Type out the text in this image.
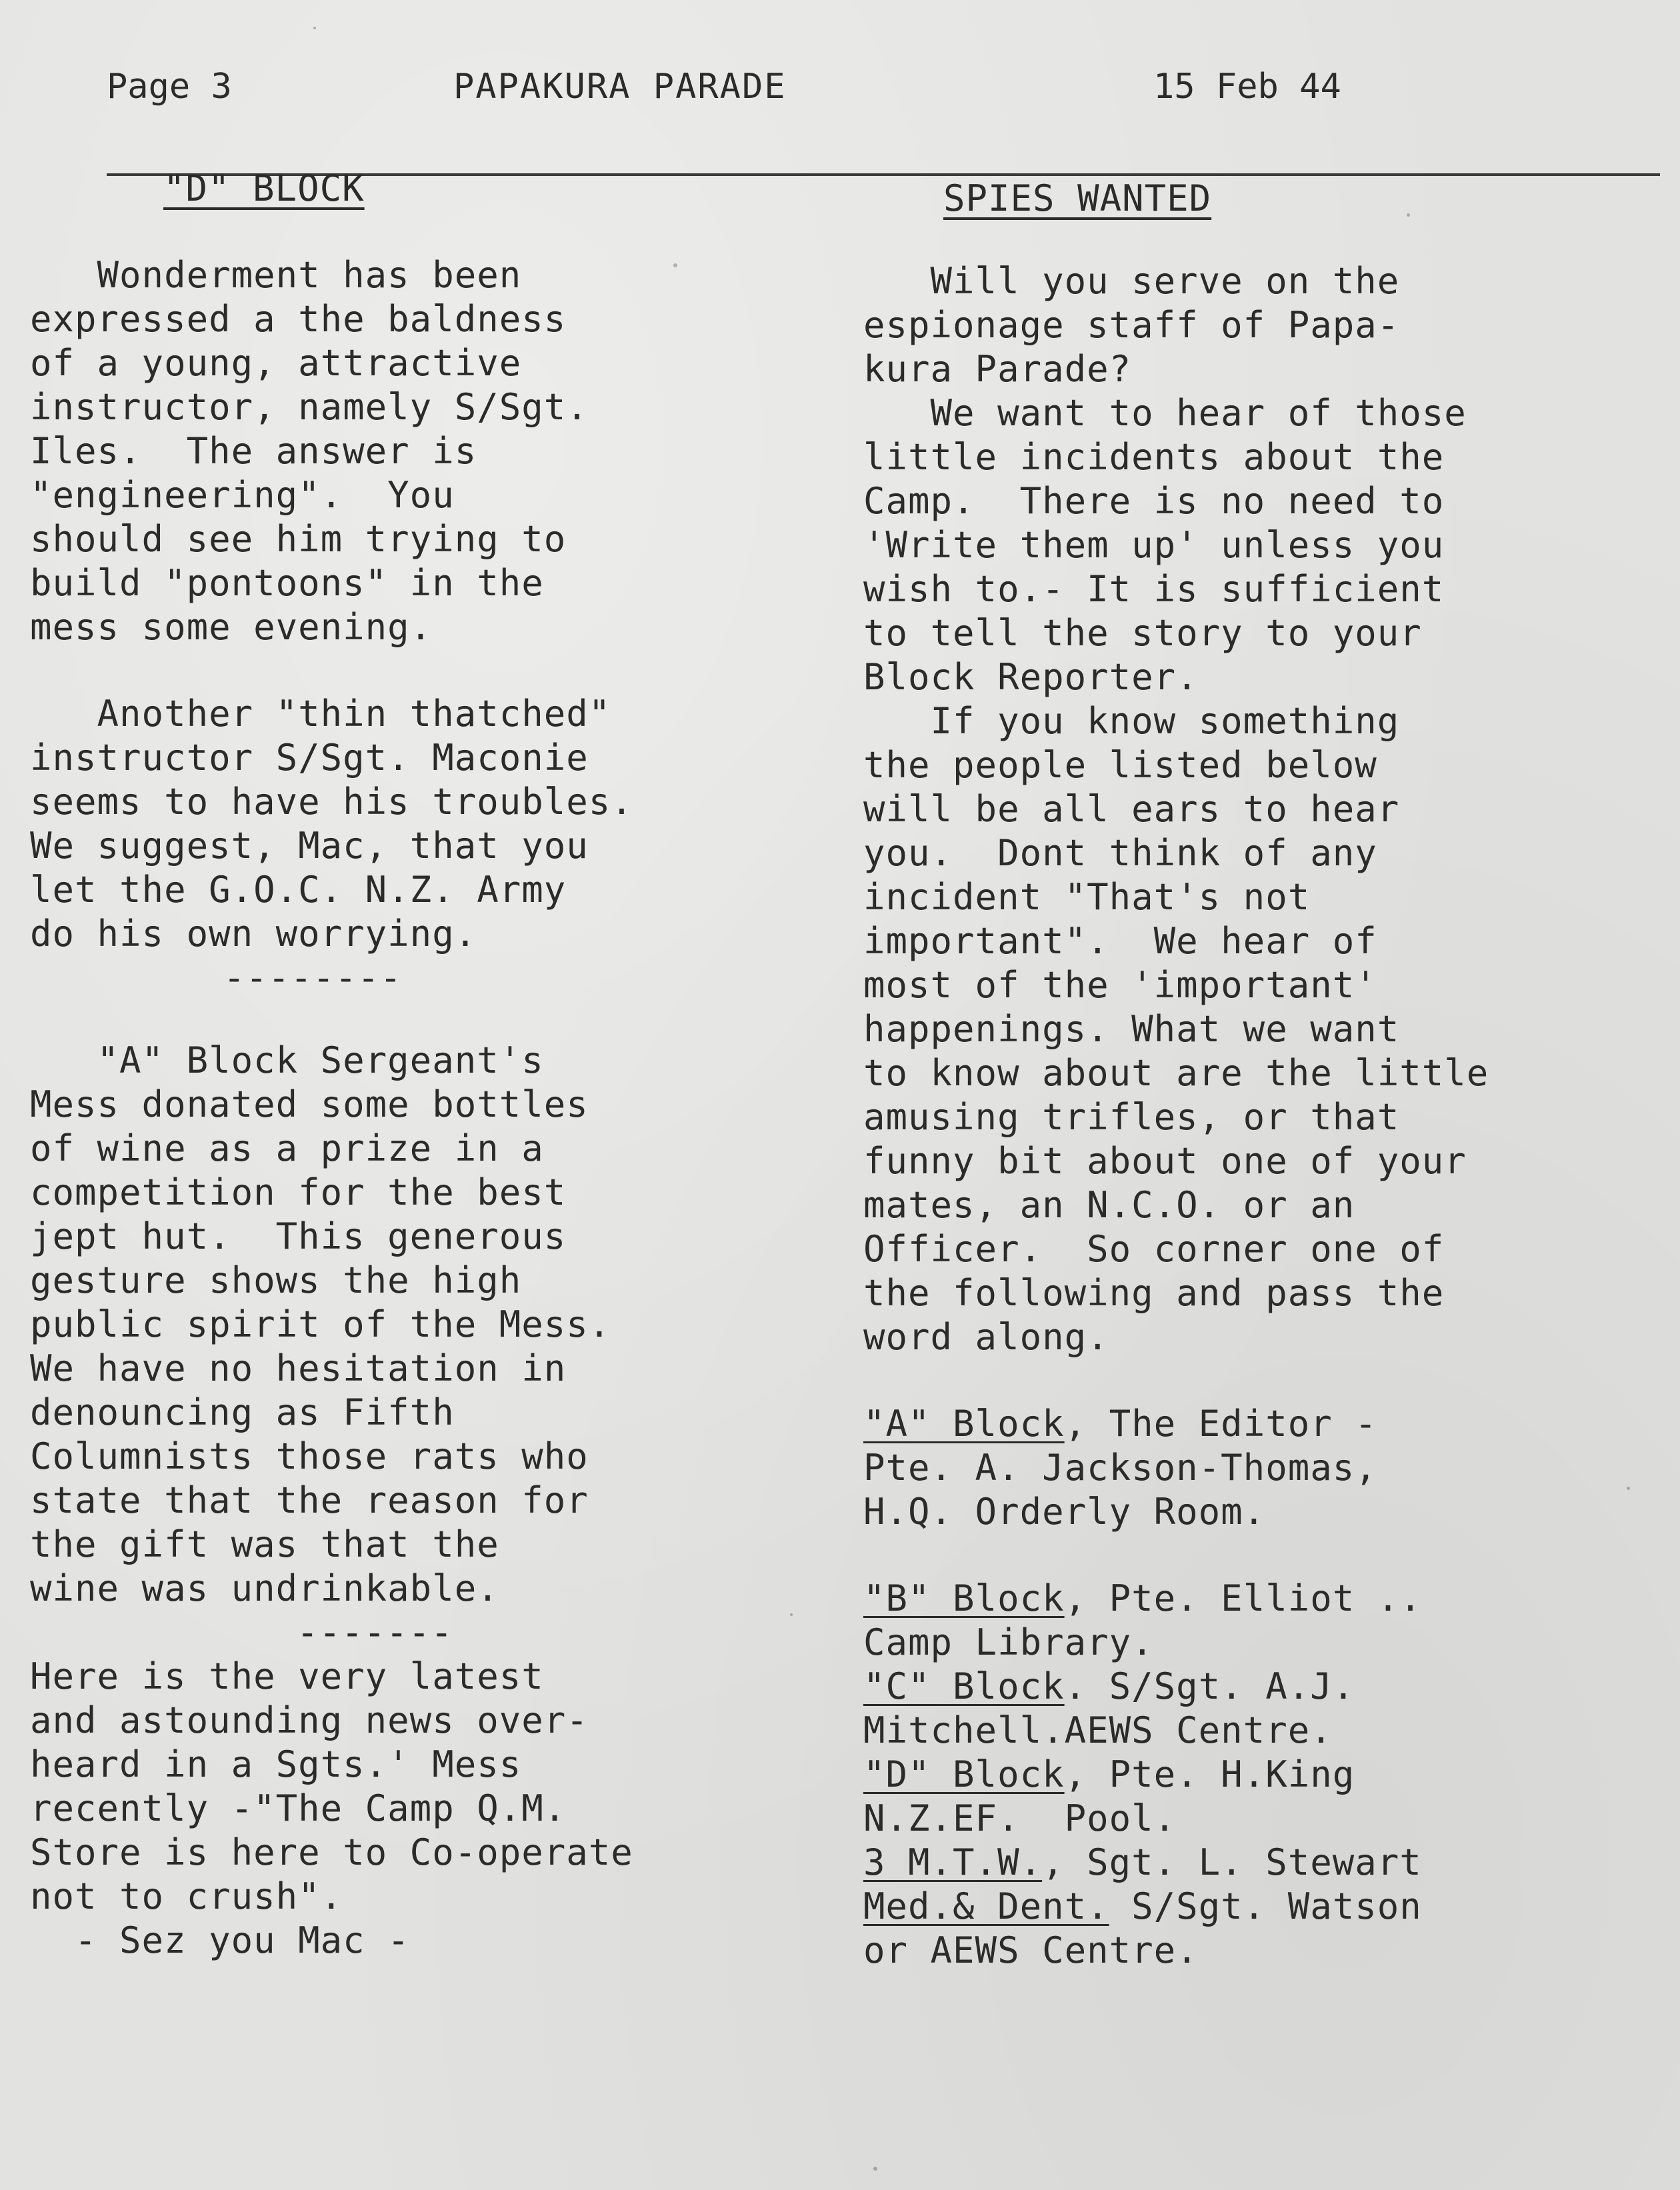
Page 3	PAPAKURA PARADE	15 Feb 44
"D" BLOCK

Wonderment has been
expressed a the baldness
of a young, attractive
instructor, namely S/Sgt.
Iles.  The answer is
"engineering".  You
should see him trying to
build "pontoons" in the
mess some evening.

Another "thin thatched"
instructor S/Sgt. Maconie
seems to have his troubles.
We suggest, Mac, that you
let the G.O.C. N.Z. Army
do his own worrying.

--------

"A" Block Sergeant's
Mess donated some bottles
of wine as a prize in a
competition for the best
jept hut.  This generous
gesture shows the high
public spirit of the Mess.
We have no hesitation in
denouncing as Fifth
Columnists those rats who
state that the reason for
the gift was that the
wine was undrinkable.

-------

Here is the very latest
and astounding news over-
heard in a Sgts.' Mess
recently -"The Camp Q.M.
Store is here to Co-operate
not to crush".
- Sez you Mac -

SPIES WANTED

Will you serve on the
espionage staff of Papa-
kura Parade?
We want to hear of those
little incidents about the
Camp.  There is no need to
'Write them up' unless you
wish to.- It is sufficient
to tell the story to your
Block Reporter.

If you know something
the people listed below
will be all ears to hear
you.  Dont think of any
incident "That's not
important".  We hear of
most of the 'important'
happenings. What we want
to know about are the little
amusing trifles, or that
funny bit about one of your
mates, an N.C.O. or an
Officer.  So corner one of
the following and pass the
word along.

"A" Block, The Editor -
Pte. A. Jackson-Thomas,
H.Q. Orderly Room.

"B" Block, Pte. Elliot ..
Camp Library.

"C" Block. S/Sgt. A.J.
Mitchell.AEWS Centre.

"D" Block, Pte. H.King
N.Z.EF.  Pool.

3 M.T.W., Sgt. L. Stewart

Med.& Dent. S/Sgt. Watson
or AEWS Centre.
